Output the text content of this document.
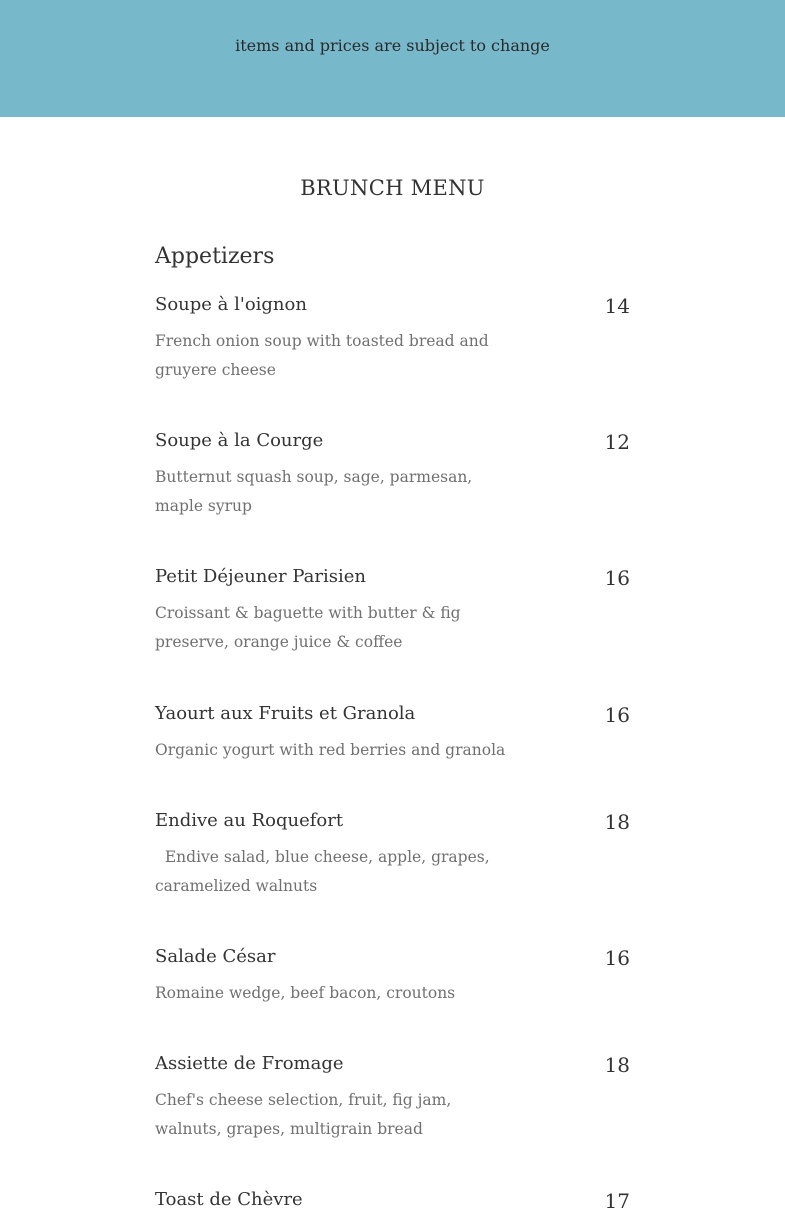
items and prices are subject to change
BRUNCH MENU
Appetizers
Soupe à l'oignon	14
French onion soup with toasted bread and gruyere cheese
Soupe à la Courge	12
Butternut squash soup, sage, parmesan, maple syrup
Petit Déjeuner Parisien	16
Croissant & baguette with butter & fig preserve, orange juice & coffee
Yaourt aux Fruits et Granola	16
Organic yogurt with red berries and granola
Endive au Roquefort	18
Endive salad, blue cheese, apple, grapes, caramelized walnuts
Salade César	16
Romaine wedge, beef bacon, croutons
Assiette de Fromage	18
Chef's cheese selection, fruit, fig jam, walnuts, grapes, multigrain bread
Toast de Chèvre	17
